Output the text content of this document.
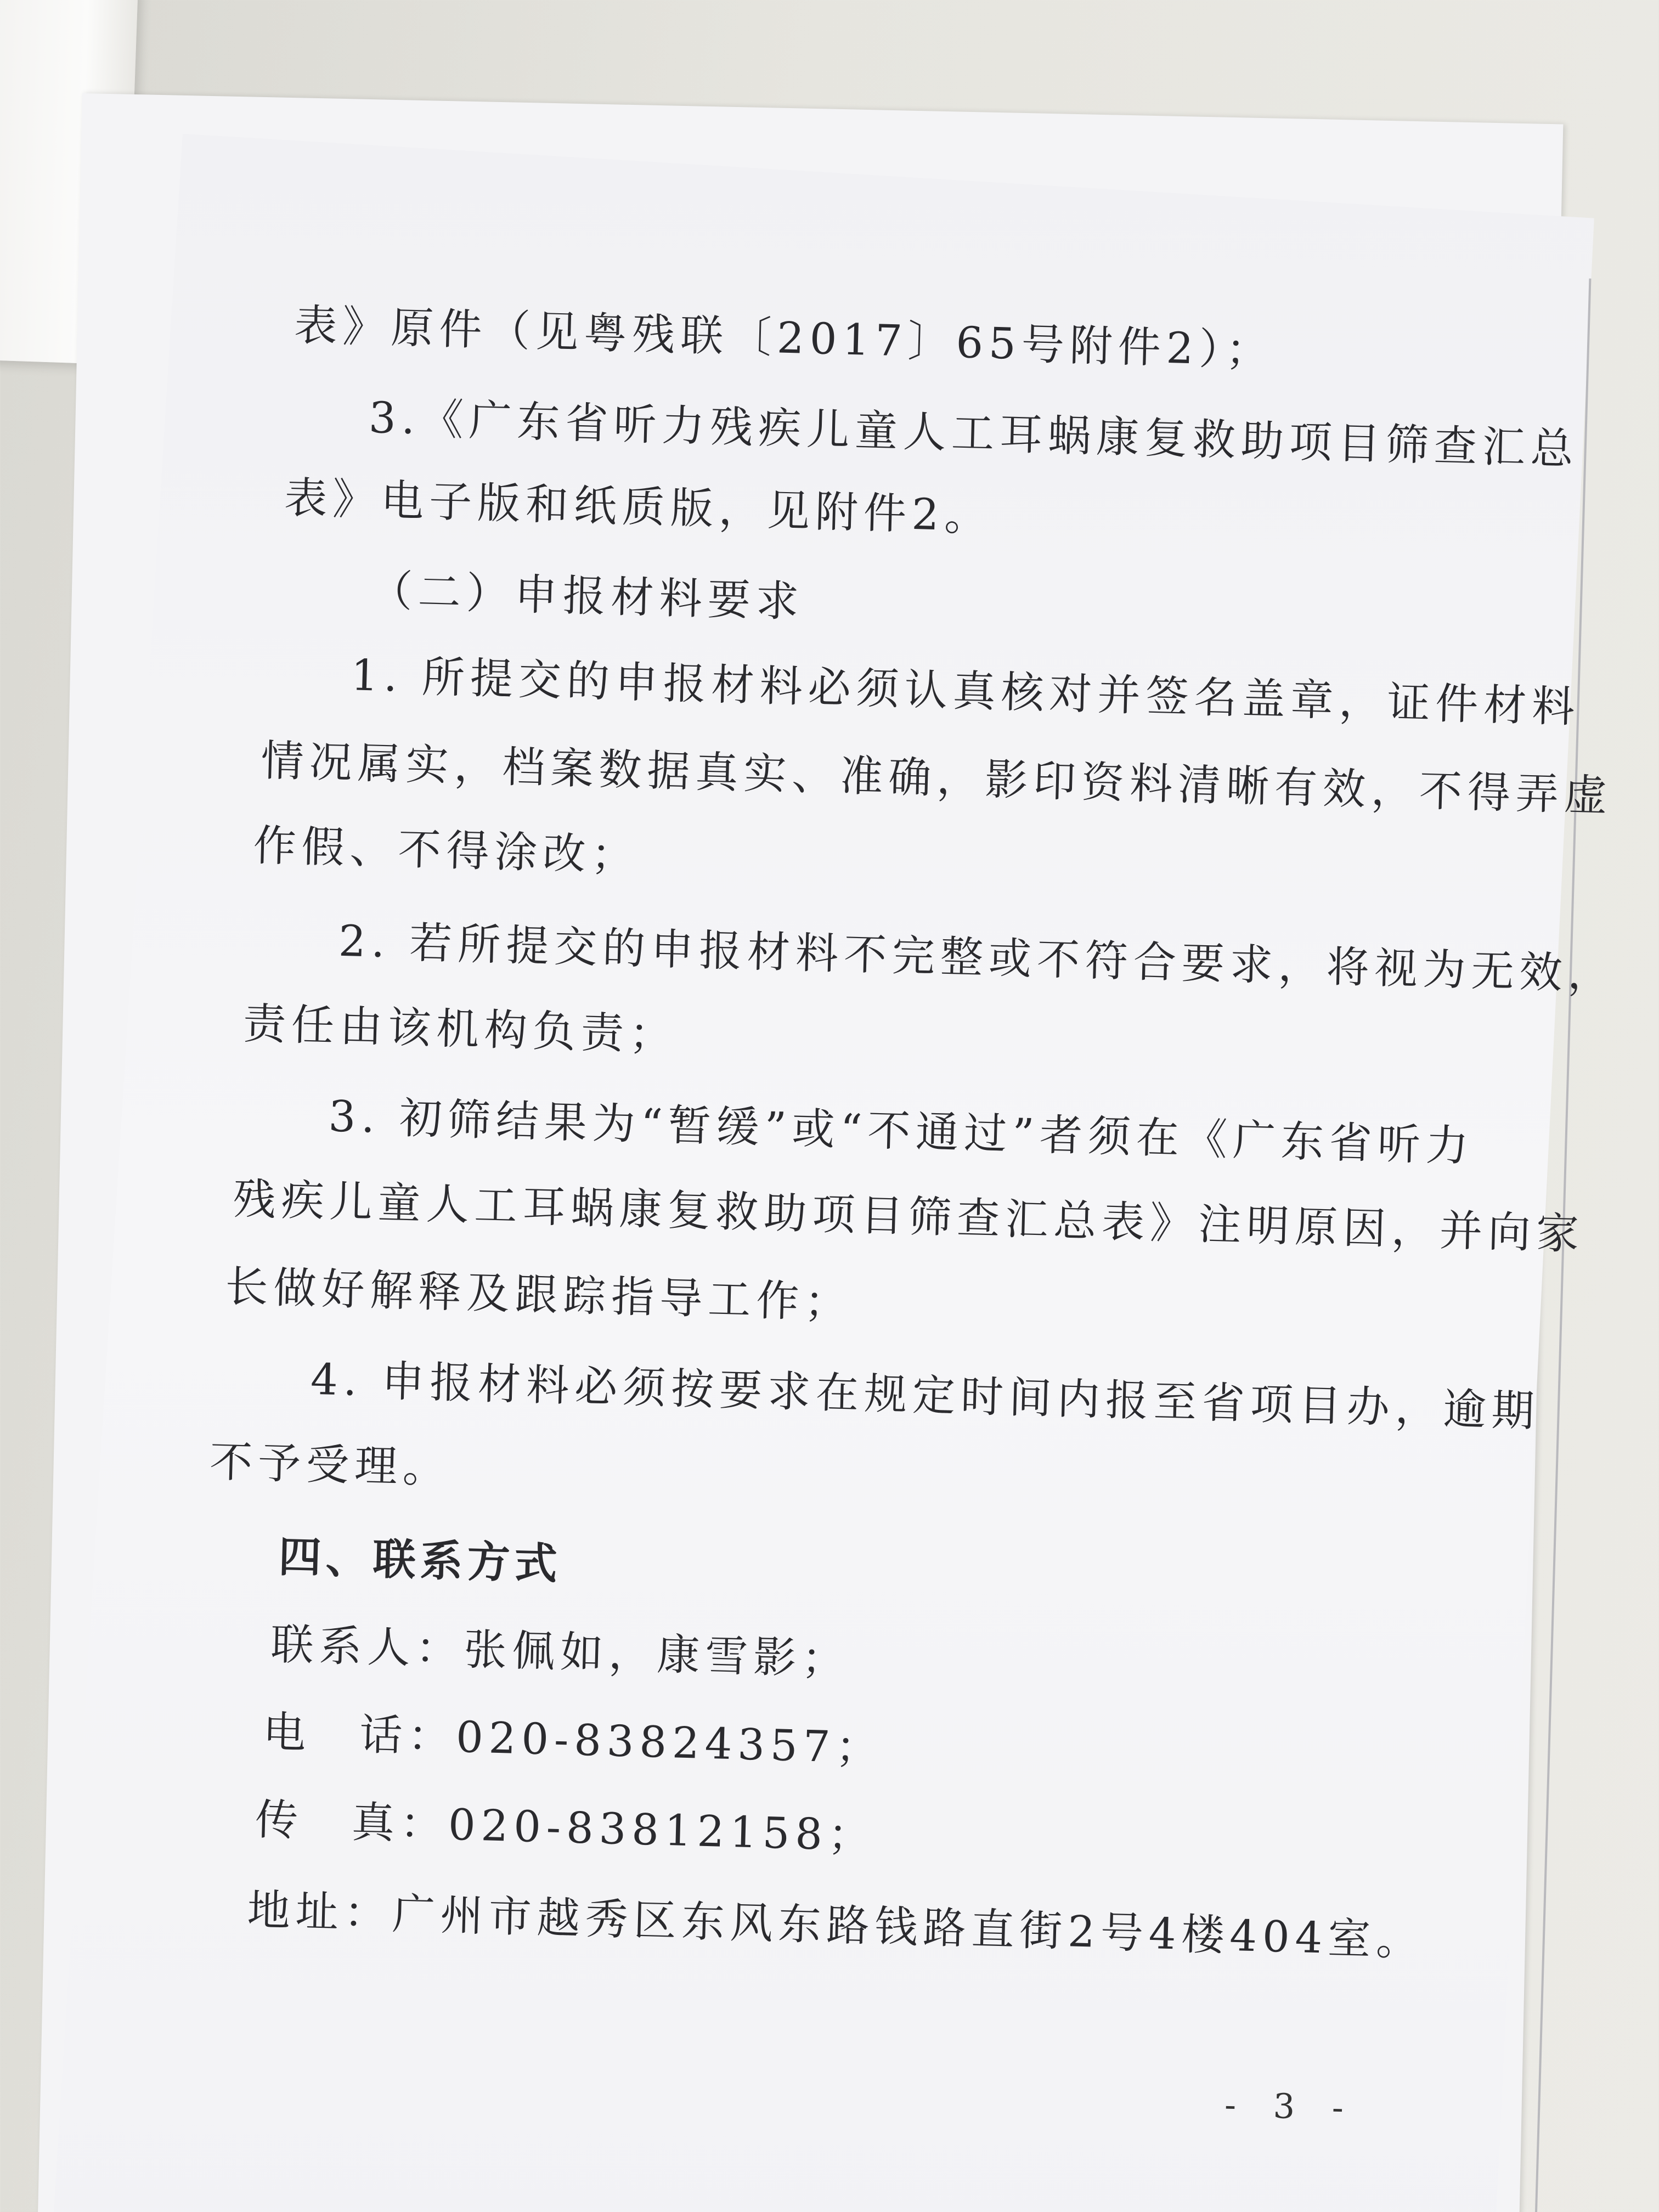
表》原件（见粤残联〔2017〕65号附件2）；
3.《广东省听力残疾儿童人工耳蜗康复救助项目筛查汇总
表》电子版和纸质版，见附件2。
（二）申报材料要求
1. 所提交的申报材料必须认真核对并签名盖章，证件材料
情况属实，档案数据真实、准确，影印资料清晰有效，不得弄虚
作假、不得涂改；
2. 若所提交的申报材料不完整或不符合要求，将视为无效，
责任由该机构负责；
3. 初筛结果为“暂缓”或“不通过”者须在《广东省听力
残疾儿童人工耳蜗康复救助项目筛查汇总表》注明原因，并向家
长做好解释及跟踪指导工作；
4. 申报材料必须按要求在规定时间内报至省项目办，逾期
不予受理。
四、联系方式
联系人：张佩如，康雪影；
电　话：020-83824357；
传　真：020-83812158；
地址：广州市越秀区东风东路钱路直街2号4楼404室。
- 3 -
